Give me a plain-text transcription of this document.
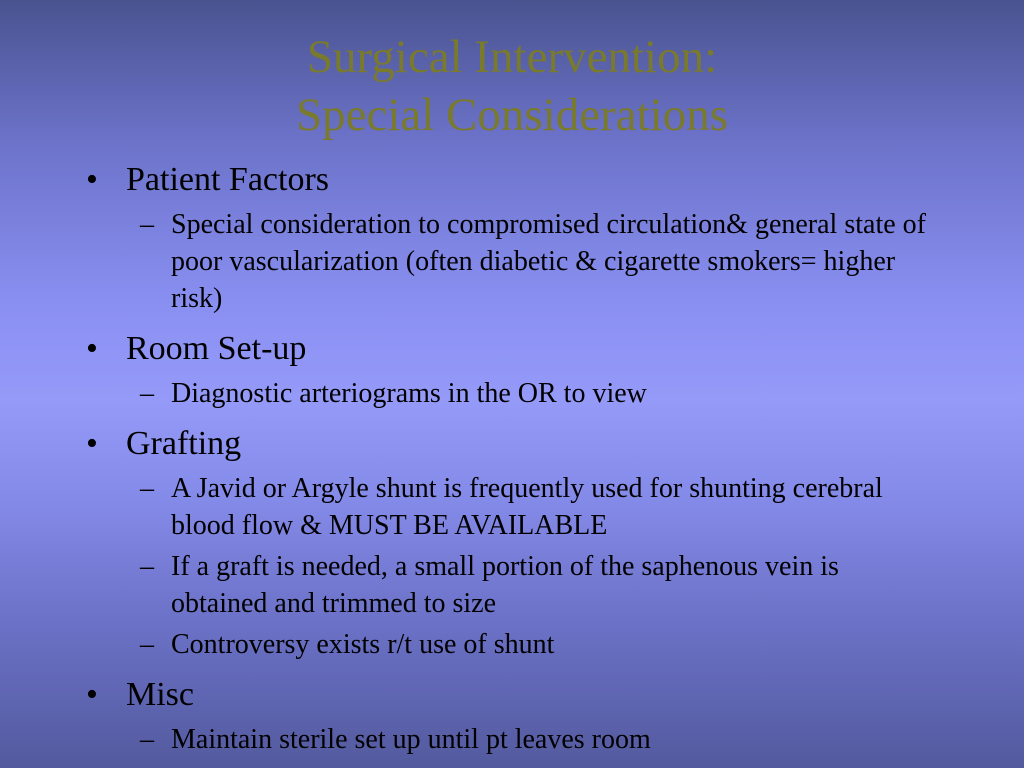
Surgical Intervention:
Special Considerations
• Patient Factors
– Special consideration to compromised circulation& general state of poor vascularization (often diabetic & cigarette smokers= higher risk)
• Room Set-up
– Diagnostic arteriograms in the OR to view
• Grafting
– A Javid or Argyle shunt is frequently used for shunting cerebral blood flow & MUST BE AVAILABLE
– If a graft is needed, a small portion of the saphenous vein is obtained and trimmed to size
– Controversy exists r/t use of shunt
• Misc
– Maintain sterile set up until pt leaves room
